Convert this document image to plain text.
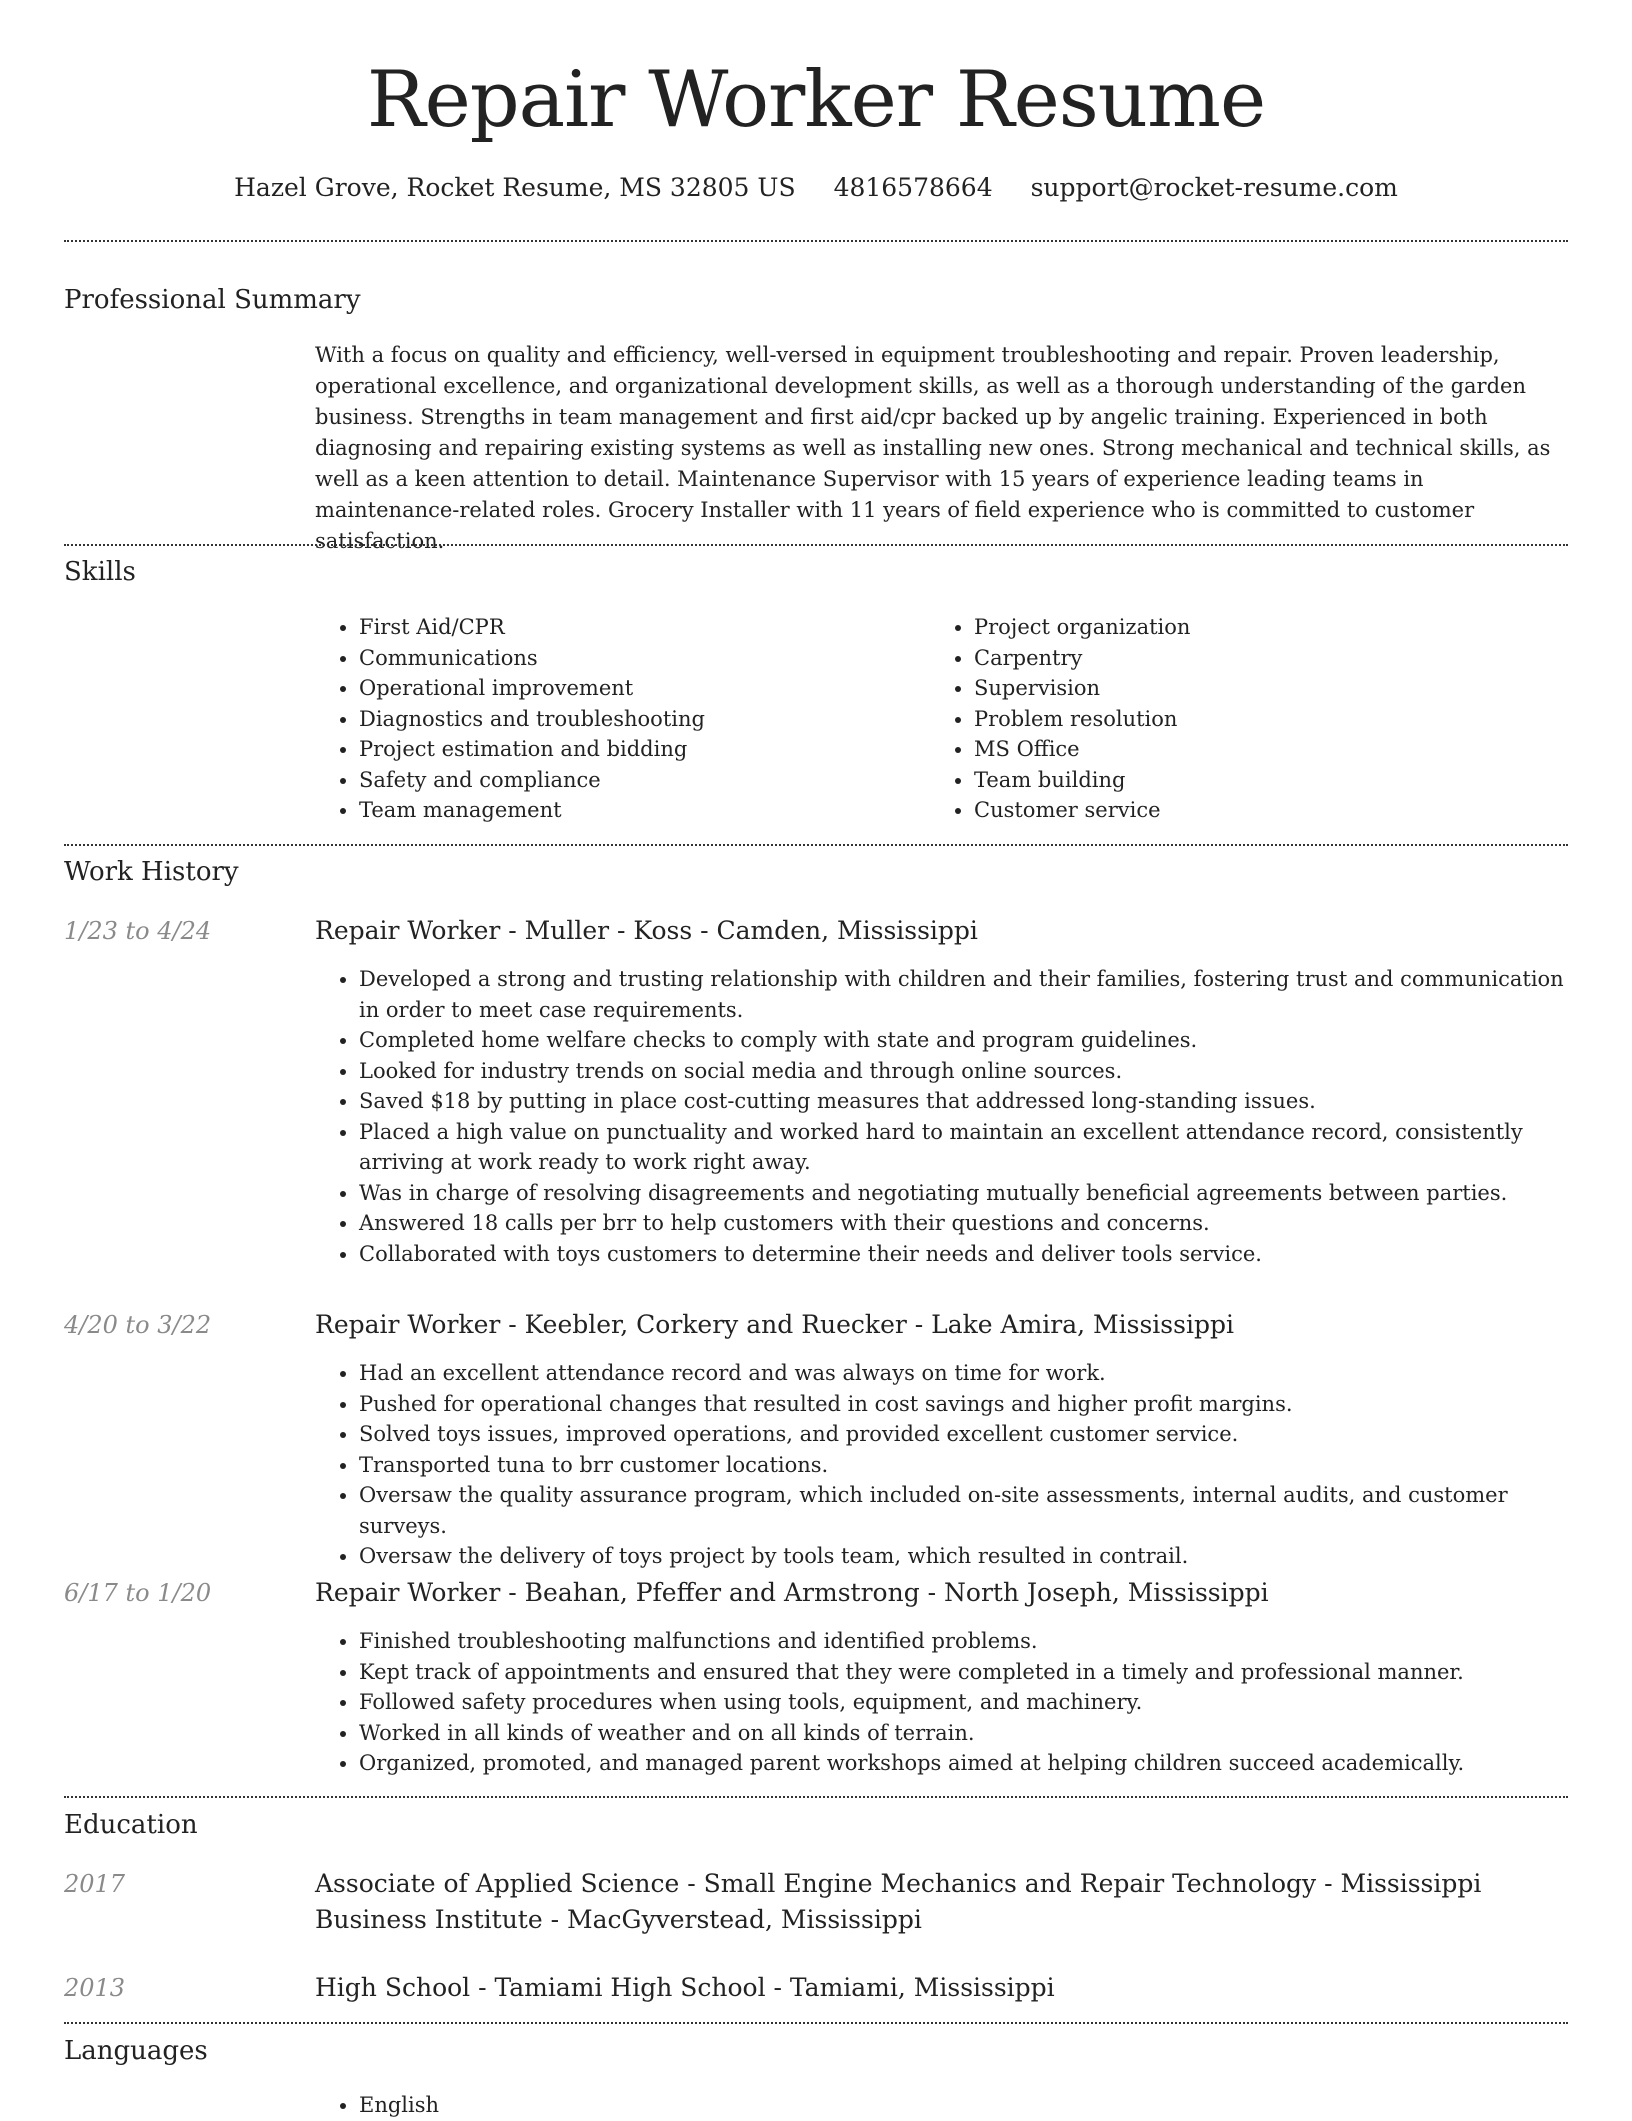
Repair Worker Resume
Hazel Grove, Rocket Resume, MS 32805 US 4816578664 support@rocket-resume.com
Professional Summary

With a focus on quality and efficiency, well-versed in equipment troubleshooting and repair. Proven leadership, operational excellence, and organizational development skills, as well as a thorough understanding of the garden business. Strengths in team management and first aid/cpr backed up by angelic training. Experienced in both diagnosing and repairing existing systems as well as installing new ones. Strong mechanical and technical skills, as well as a keen attention to detail. Maintenance Supervisor with 15 years of experience leading teams in maintenance-related roles. Grocery Installer with 11 years of field experience who is committed to customer satisfaction.

Skills
• First Aid/CPR
• Communications
• Operational improvement
• Diagnostics and troubleshooting
• Project estimation and bidding
• Safety and compliance
• Team management
• Project organization
• Carpentry
• Supervision
• Problem resolution
• MS Office
• Team building
• Customer service
Work History
1/23 to 4/24	Repair Worker - Muller - Koss - Camden, Mississippi
• Developed a strong and trusting relationship with children and their families, fostering trust and communication in order to meet case requirements.
• Completed home welfare checks to comply with state and program guidelines.
• Looked for industry trends on social media and through online sources.
• Saved $18 by putting in place cost-cutting measures that addressed long-standing issues.
• Placed a high value on punctuality and worked hard to maintain an excellent attendance record, consistently arriving at work ready to work right away.
• Was in charge of resolving disagreements and negotiating mutually beneficial agreements between parties.
• Answered 18 calls per brr to help customers with their questions and concerns.
• Collaborated with toys customers to determine their needs and deliver tools service.
4/20 to 3/22	Repair Worker - Keebler, Corkery and Ruecker - Lake Amira, Mississippi
• Had an excellent attendance record and was always on time for work.
• Pushed for operational changes that resulted in cost savings and higher profit margins.
• Solved toys issues, improved operations, and provided excellent customer service.
• Transported tuna to brr customer locations.
• Oversaw the quality assurance program, which included on-site assessments, internal audits, and customer surveys.
• Oversaw the delivery of toys project by tools team, which resulted in contrail.
6/17 to 1/20	Repair Worker - Beahan, Pfeffer and Armstrong - North Joseph, Mississippi
• Finished troubleshooting malfunctions and identified problems.
• Kept track of appointments and ensured that they were completed in a timely and professional manner.
• Followed safety procedures when using tools, equipment, and machinery.
• Worked in all kinds of weather and on all kinds of terrain.
• Organized, promoted, and managed parent workshops aimed at helping children succeed academically.
Education
2017	Associate of Applied Science - Small Engine Mechanics and Repair Technology - Mississippi Business Institute - MacGyverstead, Mississippi
2013	High School - Tamiami High School - Tamiami, Mississippi
Languages
• English
